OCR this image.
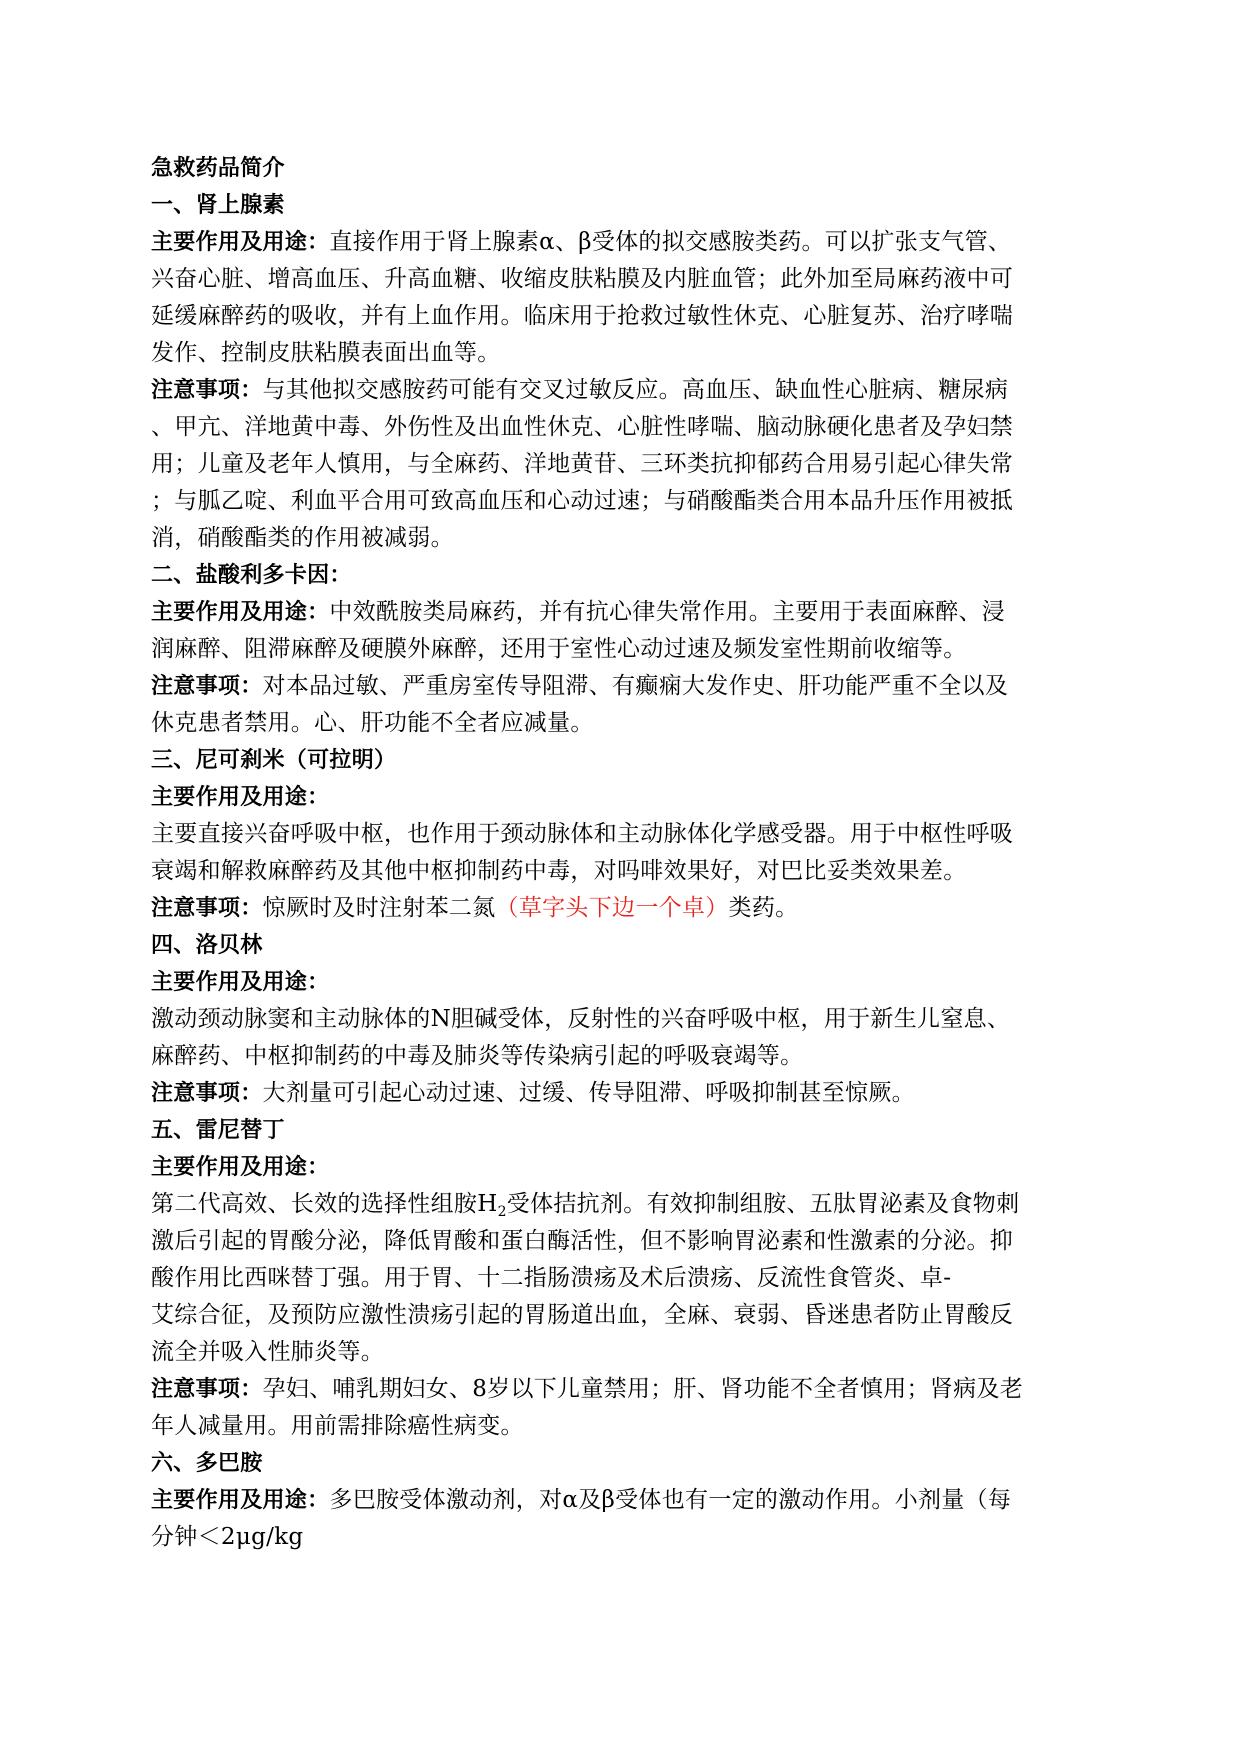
急救药品简介
一、肾上腺素
主要作用及用途：直接作用于肾上腺素α、β受体的拟交感胺类药。可以扩张支气管、
兴奋心脏、增高血压、升高血糖、收缩皮肤粘膜及内脏血管；此外加至局麻药液中可
延缓麻醉药的吸收，并有上血作用。临床用于抢救过敏性休克、心脏复苏、治疗哮喘
发作、控制皮肤粘膜表面出血等。
注意事项：与其他拟交感胺药可能有交叉过敏反应。高血压、缺血性心脏病、糖尿病
、甲亢、洋地黄中毒、外伤性及出血性休克、心脏性哮喘、脑动脉硬化患者及孕妇禁
用；儿童及老年人慎用，与全麻药、洋地黄苷、三环类抗抑郁药合用易引起心律失常
；与胍乙啶、利血平合用可致高血压和心动过速；与硝酸酯类合用本品升压作用被抵
消，硝酸酯类的作用被减弱。
二、盐酸利多卡因：
主要作用及用途：中效酰胺类局麻药，并有抗心律失常作用。主要用于表面麻醉、浸
润麻醉、阻滞麻醉及硬膜外麻醉，还用于室性心动过速及频发室性期前收缩等。
注意事项：对本品过敏、严重房室传导阻滞、有癫痫大发作史、肝功能严重不全以及
休克患者禁用。心、肝功能不全者应减量。
三、尼可刹米（可拉明）
主要作用及用途：
主要直接兴奋呼吸中枢，也作用于颈动脉体和主动脉体化学感受器。用于中枢性呼吸
衰竭和解救麻醉药及其他中枢抑制药中毒，对吗啡效果好，对巴比妥类效果差。
注意事项：惊厥时及时注射苯二氮（草字头下边一个卓）类药。
四、洛贝林
主要作用及用途：
激动颈动脉窦和主动脉体的N胆碱受体，反射性的兴奋呼吸中枢，用于新生儿窒息、
麻醉药、中枢抑制药的中毒及肺炎等传染病引起的呼吸衰竭等。
注意事项：大剂量可引起心动过速、过缓、传导阻滞、呼吸抑制甚至惊厥。
五、雷尼替丁
主要作用及用途：
第二代高效、长效的选择性组胺$H_2$受体拮抗剂。有效抑制组胺、五肽胃泌素及食物刺
激后引起的胃酸分泌，降低胃酸和蛋白酶活性，但不影响胃泌素和性激素的分泌。抑
酸作用比西咪替丁强。用于胃、十二指肠溃疡及术后溃疡、反流性食管炎、卓-
艾综合征，及预防应激性溃疡引起的胃肠道出血，全麻、衰弱、昏迷患者防止胃酸反
流全并吸入性肺炎等。
注意事项：孕妇、哺乳期妇女、8岁以下儿童禁用；肝、肾功能不全者慎用；肾病及老
年人减量用。用前需排除癌性病变。
六、多巴胺
主要作用及用途：多巴胺受体激动剂，对α及β受体也有一定的激动作用。小剂量（每
分钟＜2μg/kg
